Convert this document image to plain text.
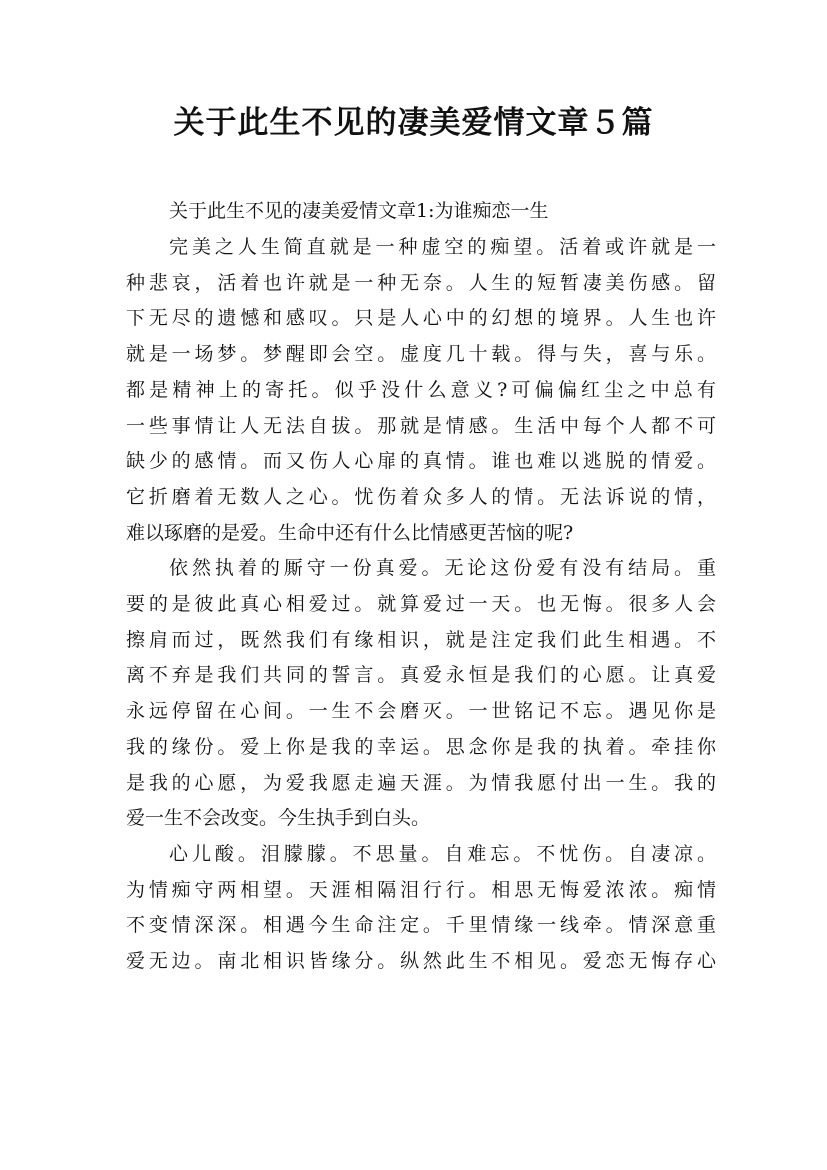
关于此生不见的凄美爱情文章５篇

关于此生不见的凄美爱情文章1:为谁痴恋一生

完美之人生简直就是一种虚空的痴望。活着或许就是一
种悲哀，活着也许就是一种无奈。人生的短暂凄美伤感。留
下无尽的遗憾和感叹。只是人心中的幻想的境界。人生也许
就是一场梦。梦醒即会空。虚度几十载。得与失，喜与乐。
都是精神上的寄托。似乎没什么意义?可偏偏红尘之中总有
一些事情让人无法自拔。那就是情感。生活中每个人都不可
缺少的感情。而又伤人心扉的真情。谁也难以逃脱的情爱。
它折磨着无数人之心。忧伤着众多人的情。无法诉说的情，
难以琢磨的是爱。生命中还有什么比情感更苦恼的呢?
依然执着的厮守一份真爱。无论这份爱有没有结局。重
要的是彼此真心相爱过。就算爱过一天。也无悔。很多人会
擦肩而过，既然我们有缘相识，就是注定我们此生相遇。不
离不弃是我们共同的誓言。真爱永恒是我们的心愿。让真爱
永远停留在心间。一生不会磨灭。一世铭记不忘。遇见你是
我的缘份。爱上你是我的幸运。思念你是我的执着。牵挂你
是我的心愿，为爱我愿走遍天涯。为情我愿付出一生。我的
爱一生不会改变。今生执手到白头。
心儿酸。泪朦朦。不思量。自难忘。不忧伤。自凄凉。
为情痴守两相望。天涯相隔泪行行。相思无悔爱浓浓。痴情
不变情深深。相遇今生命注定。千里情缘一线牵。情深意重
爱无边。南北相识皆缘分。纵然此生不相见。爱恋无悔存心
